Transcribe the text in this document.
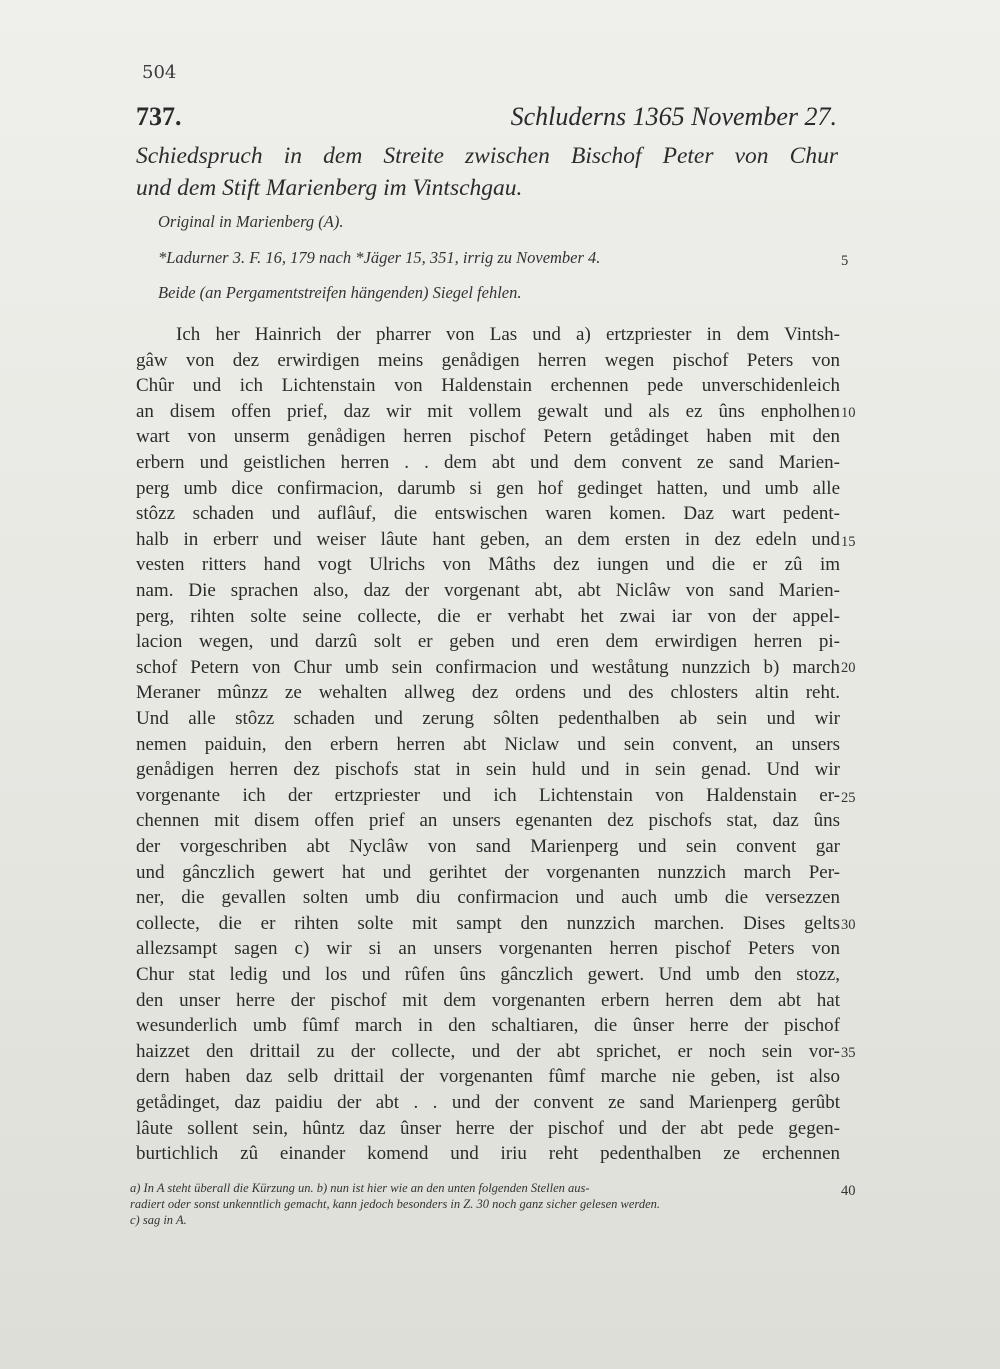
504
737.	Schluderns 1365 November 27.
Schiedspruch in dem Streite zwischen Bischof Peter von Chur
und dem Stift Marienberg im Vintschgau.
Original in Marienberg (A).
*Ladurner 3. F. 16, 179 nach *Jäger 15, 351, irrig zu November 4.
Beide (an Pergamentstreifen hängenden) Siegel fehlen.
5
10
15
20
25
30
35
40
Ich her Hainrich der pharrer von Las und a) ertzpriester in dem Vintsh-
gâw von dez erwirdigen meins genådigen herren wegen pischof Peters von
Chûr und ich Lichtenstain von Haldenstain erchennen pede unverschidenleich
an disem offen prief, daz wir mit vollem gewalt und als ez ûns enpholhen
wart von unserm genådigen herren pischof Petern getådinget haben mit den
erbern und geistlichen herren . . dem abt und dem convent ze sand Marien-
perg umb dice confirmacion, darumb si gen hof gedinget hatten, und umb alle
stôzz schaden und auflâuf, die entswischen waren komen. Daz wart pedent-
halb in erberr und weiser lâute hant geben, an dem ersten in dez edeln und
vesten ritters hand vogt Ulrichs von Mâths dez iungen und die er zû im
nam. Die sprachen also, daz der vorgenant abt, abt Niclâw von sand Marien-
perg, rihten solte seine collecte, die er verhabt het zwai iar von der appel-
lacion wegen, und darzû solt er geben und eren dem erwirdigen herren pi-
schof Petern von Chur umb sein confirmacion und weståtung nunzzich b) march
Meraner mûnzz ze wehalten allweg dez ordens und des chlosters altin reht.
Und alle stôzz schaden und zerung sôlten pedenthalben ab sein und wir
nemen paiduin, den erbern herren abt Niclaw und sein convent, an unsers
genådigen herren dez pischofs stat in sein huld und in sein genad. Und wir
vorgenante ich der ertzpriester und ich Lichtenstain von Haldenstain er-
chennen mit disem offen prief an unsers egenanten dez pischofs stat, daz ûns
der vorgeschriben abt Nyclâw von sand Marienperg und sein convent gar
und gânczlich gewert hat und gerihtet der vorgenanten nunzzich march Per-
ner, die gevallen solten umb diu confirmacion und auch umb die versezzen
collecte, die er rihten solte mit sampt den nunzzich marchen. Dises gelts
allezsampt sagen c) wir si an unsers vorgenanten herren pischof Peters von
Chur stat ledig und los und rûfen ûns gânczlich gewert. Und umb den stozz,
den unser herre der pischof mit dem vorgenanten erbern herren dem abt hat
wesunderlich umb fûmf march in den schaltiaren, die ûnser herre der pischof
haizzet den drittail zu der collecte, und der abt sprichet, er noch sein vor-
dern haben daz selb drittail der vorgenanten fûmf marche nie geben, ist also
getådinget, daz paidiu der abt . . und der convent ze sand Marienperg gerûbt
lâute sollent sein, hûntz daz ûnser herre der pischof und der abt pede gegen-
burtichlich zû einander komend und iriu reht pedenthalben ze erchennen
a) In A steht überall die Kürzung un. b) nun ist hier wie an den unten folgenden Stellen aus-
radiert oder sonst unkenntlich gemacht, kann jedoch besonders in Z. 30 noch ganz sicher gelesen werden.
c) sag in A.
